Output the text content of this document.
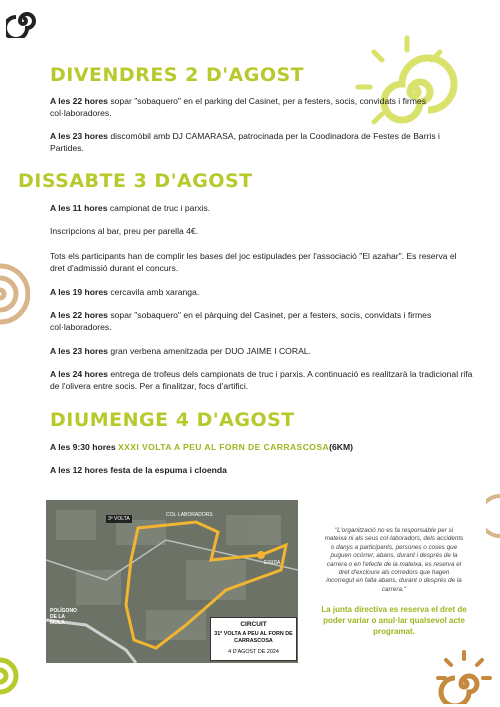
DIVENDRES 2 D'AGOST

A les 22 hores sopar "sobaquero" en el parking del Casinet, per a festers, socis, convidats i firmes col·laboradores.

A les 23 hores discomòbil amb DJ CAMARASA, patrocinada per la Coodinadora de Festes de Barris i Partides.

DISSABTE 3 D'AGOST

A les 11 hores campionat de truc i parxis.

Inscripcions al bar, preu per parella 4€.

Tots els participants han de complir les bases del joc estipulades per l'associació "El azahar". Es reserva el dret d'admissió durant el concurs.

A les 19 hores cercavila amb xaranga.

A les 22 hores sopar "sobaquero" en el pàrquing del Casinet, per a festers, socis, convidats i firmes col·laboradores.

A les 23 hores gran verbena amenitzada per DUO JAIME I CORAL.

A les 24 hores entrega de trofeus dels campionats de truc i parxis. A continuació es realitzarà la tradicional rifa de l'olivera entre socis. Per a finalitzar, focs d'artifici.

DIUMENGE 4 D'AGOST

A les 9:30 hores XXXI VOLTA A PEU AL FORN DE CARRASCOSA(6KM)

A les 12 hores festa de la espuma i cloenda

3ª VOLTA
COL·LABORADORS
POLÍGONO DE LA MOLA
EIXIDA
CIRCUIT
31ª VOLTA A PEU AL FORN DE CARRASCOSA
4 D'AGOST DE 2024

"L'organització no es fa responsable per si mateixa ni als seus col·laboradors, dels accidents o danys a participants, persones o coses que puguen ocórrer, abans, durant i després de la carrera o en l'efecte de la mateixa, es reserva el dret d'excloure als corredors que hagen incorregut en falta abans, durant o després de la carrera."

La junta directiva es reserva el dret de poder variar o anul·lar qualsevol acte programat.
